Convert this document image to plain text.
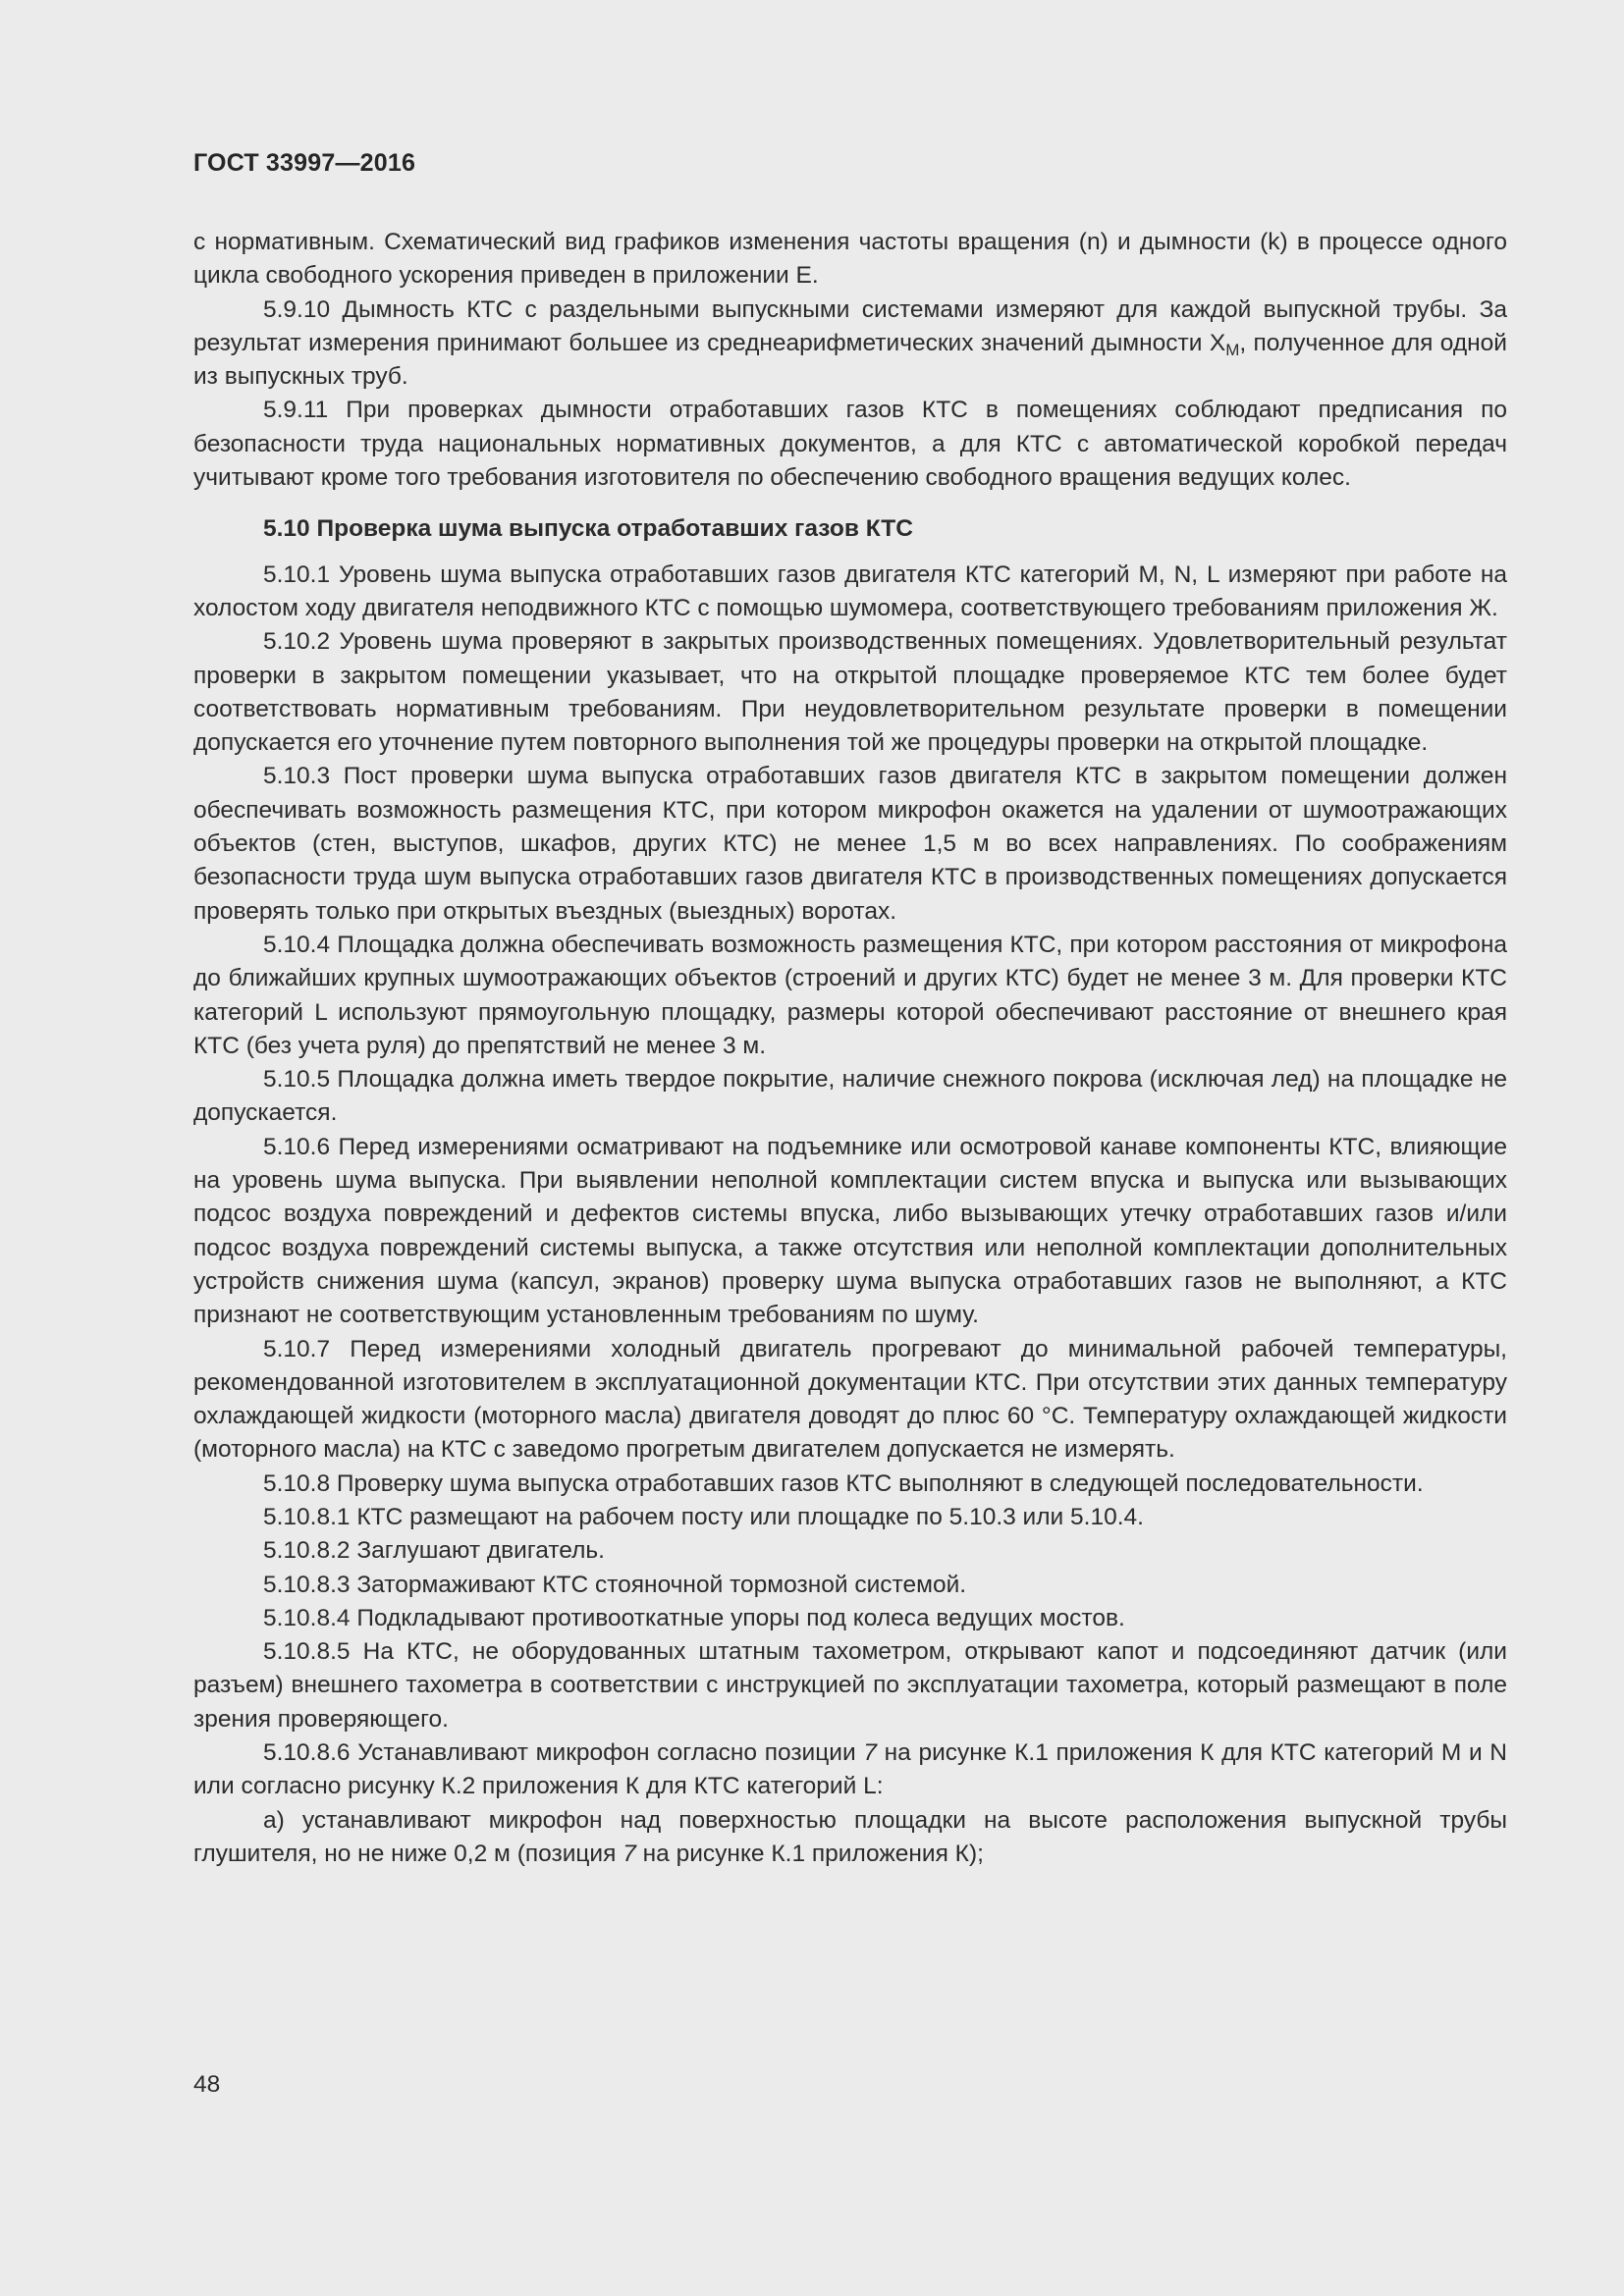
ГОСТ 33997—2016

с нормативным. Схематический вид графиков изменения частоты вращения (n) и дымности (k) в процессе одного цикла свободного ускорения приведен в приложении Е.

5.9.10 Дымность КТС с раздельными выпускными системами измеряют для каждой выпускной трубы. За результат измерения принимают большее из среднеарифметических значений дымности $X_M$, полученное для одной из выпускных труб.

5.9.11 При проверках дымности отработавших газов КТС в помещениях соблюдают предписания по безопасности труда национальных нормативных документов, а для КТС с автоматической коробкой передач учитывают кроме того требования изготовителя по обеспечению свободного вращения ведущих колес.

5.10 Проверка шума выпуска отработавших газов КТС

5.10.1 Уровень шума выпуска отработавших газов двигателя КТС категорий M, N, L измеряют при работе на холостом ходу двигателя неподвижного КТС с помощью шумомера, соответствующего требованиям приложения Ж.

5.10.2 Уровень шума проверяют в закрытых производственных помещениях. Удовлетворительный результат проверки в закрытом помещении указывает, что на открытой площадке проверяемое КТС тем более будет соответствовать нормативным требованиям. При неудовлетворительном результате проверки в помещении допускается его уточнение путем повторного выполнения той же процедуры проверки на открытой площадке.

5.10.3 Пост проверки шума выпуска отработавших газов двигателя КТС в закрытом помещении должен обеспечивать возможность размещения КТС, при котором микрофон окажется на удалении от шумоотражающих объектов (стен, выступов, шкафов, других КТС) не менее 1,5 м во всех направлениях. По соображениям безопасности труда шум выпуска отработавших газов двигателя КТС в производственных помещениях допускается проверять только при открытых въездных (выездных) воротах.

5.10.4 Площадка должна обеспечивать возможность размещения КТС, при котором расстояния от микрофона до ближайших крупных шумоотражающих объектов (строений и других КТС) будет не менее 3 м. Для проверки КТС категорий L используют прямоугольную площадку, размеры которой обеспечивают расстояние от внешнего края КТС (без учета руля) до препятствий не менее 3 м.

5.10.5 Площадка должна иметь твердое покрытие, наличие снежного покрова (исключая лед) на площадке не допускается.

5.10.6 Перед измерениями осматривают на подъемнике или осмотровой канаве компоненты КТС, влияющие на уровень шума выпуска. При выявлении неполной комплектации систем впуска и выпуска или вызывающих подсос воздуха повреждений и дефектов системы впуска, либо вызывающих утечку отработавших газов и/или подсос воздуха повреждений системы выпуска, а также отсутствия или неполной комплектации дополнительных устройств снижения шума (капсул, экранов) проверку шума выпуска отработавших газов не выполняют, а КТС признают не соответствующим установленным требованиям по шуму.

5.10.7 Перед измерениями холодный двигатель прогревают до минимальной рабочей температуры, рекомендованной изготовителем в эксплуатационной документации КТС. При отсутствии этих данных температуру охлаждающей жидкости (моторного масла) двигателя доводят до плюс 60 °С. Температуру охлаждающей жидкости (моторного масла) на КТС с заведомо прогретым двигателем допускается не измерять.

5.10.8 Проверку шума выпуска отработавших газов КТС выполняют в следующей последовательности.

5.10.8.1 КТС размещают на рабочем посту или площадке по 5.10.3 или 5.10.4.

5.10.8.2 Заглушают двигатель.

5.10.8.3 Затормаживают КТС стояночной тормозной системой.

5.10.8.4 Подкладывают противооткатные упоры под колеса ведущих мостов.

5.10.8.5 На КТС, не оборудованных штатным тахометром, открывают капот и подсоединяют датчик (или разъем) внешнего тахометра в соответствии с инструкцией по эксплуатации тахометра, который размещают в поле зрения проверяющего.

5.10.8.6 Устанавливают микрофон согласно позиции 7 на рисунке К.1 приложения К для КТС категорий M и N или согласно рисунку К.2 приложения К для КТС категорий L:

а) устанавливают микрофон над поверхностью площадки на высоте расположения выпускной трубы глушителя, но не ниже 0,2 м (позиция 7 на рисунке К.1 приложения К);

48
